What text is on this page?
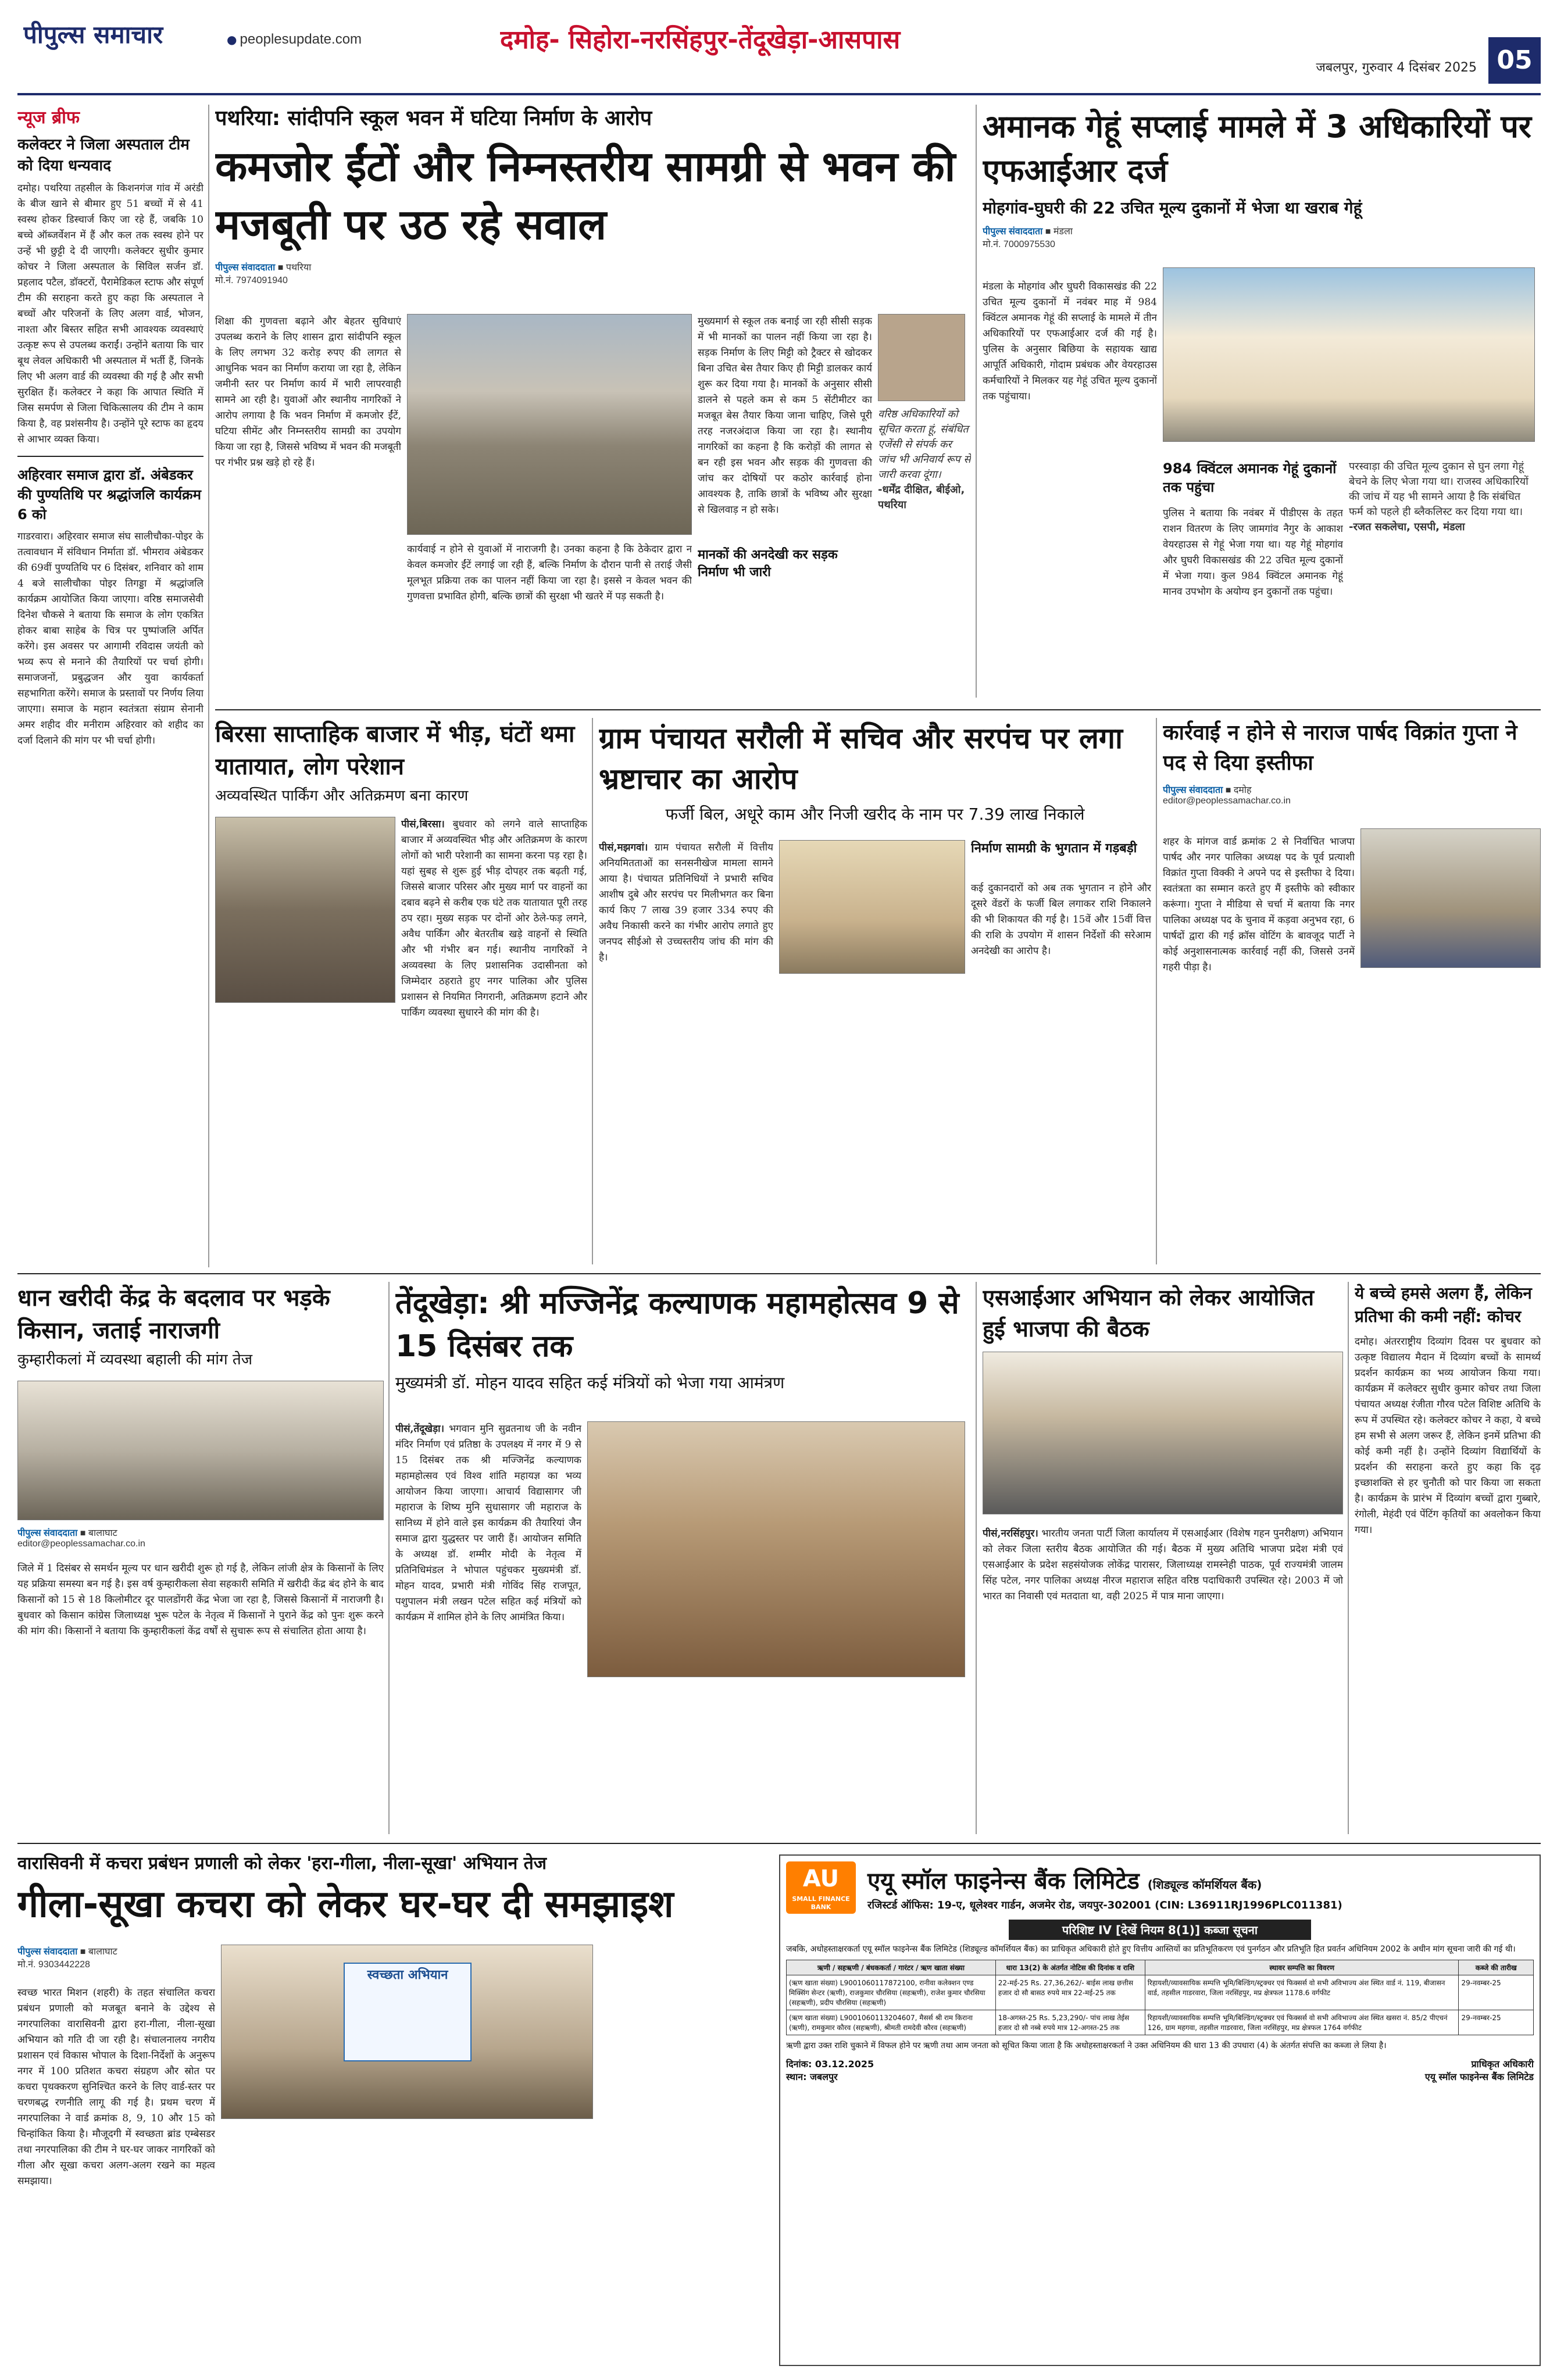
पीपुल्स समाचार	● peoplesupdate.com	दमोह- सिहोरा-नरसिंहपुर-तेंदूखेड़ा-आसपास
जबलपुर, गुरुवार 4 दिसंबर 2025 05
न्यूज ब्रीफ
कलेक्टर ने जिला अस्पताल टीम को दिया धन्यवाद
दमोह। पथरिया तहसील के किशनगंज गांव में अरंडी के बीज खाने से बीमार हुए 51 बच्चों में से 41 स्वस्थ होकर डिस्चार्ज किए जा रहे हैं, जबकि 10 बच्चे ऑब्जर्वेशन में हैं और कल तक स्वस्थ होने पर उन्हें भी छुट्टी दे दी जाएगी। कलेक्टर सुधीर कुमार कोचर ने जिला अस्पताल के सिविल सर्जन डॉ. प्रहलाद पटैल, डॉक्टरों, पैरामेडिकल स्टाफ और संपूर्ण टीम की सराहना करते हुए कहा कि अस्पताल ने बच्चों और परिजनों के लिए अलग वार्ड, भोजन, नाश्ता और बिस्तर सहित सभी आवश्यक व्यवस्थाएं उत्कृष्ट रूप से उपलब्ध कराईं। उन्होंने बताया कि चार बूथ लेवल अधिकारी भी अस्पताल में भर्ती हैं, जिनके लिए भी अलग वार्ड की व्यवस्था की गई है और सभी सुरक्षित हैं। कलेक्टर ने कहा कि आपात स्थिति में जिस समर्पण से जिला चिकित्सालय की टीम ने काम किया है, वह प्रशंसनीय है। उन्होंने पूरे स्टाफ का हृदय से आभार व्यक्त किया।
अहिरवार समाज द्वारा डॉ. अंबेडकर की पुण्यतिथि पर श्रद्धांजलि कार्यक्रम 6 को
गाडरवारा। अहिरवार समाज संघ सालीचौका-पोइर के तत्वावधान में संविधान निर्माता डॉ. भीमराव अंबेडकर की 69वीं पुण्यतिथि पर 6 दिसंबर, शनिवार को शाम 4 बजे सालीचौका पोइर तिगड्डा में श्रद्धांजलि कार्यक्रम आयोजित किया जाएगा। वरिष्ठ समाजसेवी दिनेश चौकसे ने बताया कि समाज के लोग एकत्रित होकर बाबा साहेब के चित्र पर पुष्पांजलि अर्पित करेंगे। इस अवसर पर आगामी रविदास जयंती को भव्य रूप से मनाने की तैयारियों पर चर्चा होगी। समाजजनों, प्रबुद्धजन और युवा कार्यकर्ता सहभागिता करेंगे। समाज के प्रस्तावों पर निर्णय लिया जाएगा। समाज के महान स्वतंत्रता संग्राम सेनानी अमर शहीद वीर मनीराम अहिरवार को शहीद का दर्जा दिलाने की मांग पर भी चर्चा होगी।
पथरिया: सांदीपनि स्कूल भवन में घटिया निर्माण के आरोप
कमजोर ईंटों और निम्नस्तरीय सामग्री से भवन की मजबूती पर उठ रहे सवाल
पीपुल्स संवाददाता ■ पथरिया
मो.नं. 7974091940
शिक्षा की गुणवत्ता बढ़ाने और बेहतर सुविधाएं उपलब्ध कराने के लिए शासन द्वारा सांदीपनि स्कूल के लिए लगभग 32 करोड़ रुपए की लागत से आधुनिक भवन का निर्माण कराया जा रहा है, लेकिन जमीनी स्तर पर निर्माण कार्य में भारी लापरवाही सामने आ रही है। युवाओं और स्थानीय नागरिकों ने आरोप लगाया है कि भवन निर्माण में कमजोर ईंटें, घटिया सीमेंट और निम्नस्तरीय सामग्री का उपयोग किया जा रहा है, जिससे भविष्य में भवन की मजबूती पर गंभीर प्रश्न खड़े हो रहे हैं।
कार्यवाई न होने से युवाओं में नाराजगी है। उनका कहना है कि ठेकेदार द्वारा न केवल कमजोर ईंटें लगाई जा रही हैं, बल्कि निर्माण के दौरान पानी से तराई जैसी मूलभूत प्रक्रिया तक का पालन नहीं किया जा रहा है। इससे न केवल भवन की गुणवत्ता प्रभावित होगी, बल्कि छात्रों की सुरक्षा भी खतरे में पड़ सकती है।
मानकों की अनदेखी कर सड़क निर्माण भी जारी
मुख्यमार्ग से स्कूल तक बनाई जा रही सीसी सड़क में भी मानकों का पालन नहीं किया जा रहा है। सड़क निर्माण के लिए मिट्टी को ट्रैक्टर से खोदकर बिना उचित बेस तैयार किए ही मिट्टी डालकर कार्य शुरू कर दिया गया है। मानकों के अनुसार सीसी डालने से पहले कम से कम 5 सेंटीमीटर का मजबूत बेस तैयार किया जाना चाहिए, जिसे पूरी तरह नजरअंदाज किया जा रहा है। स्थानीय नागरिकों का कहना है कि करोड़ों की लागत से बन रही इस भवन और सड़क की गुणवत्ता की जांच कर दोषियों पर कठोर कार्रवाई होना आवश्यक है, ताकि छात्रों के भविष्य और सुरक्षा से खिलवाड़ न हो सके।
वरिष्ठ अधिकारियों को सूचित करता हूं, संबंधित एजेंसी से संपर्क कर जांच भी अनिवार्य रूप से जारी करवा दूंगा।
-धर्मेंद्र दीक्षित, बीईओ, पथरिया
अमानक गेहूं सप्लाई मामले में 3 अधिकारियों पर एफआईआर दर्ज
मोहगांव-घुघरी की 22 उचित मूल्य दुकानों में भेजा था खराब गेहूं
पीपुल्स संवाददाता ■ मंडला
मो.नं. 7000975530
मंडला के मोहगांव और घुघरी विकासखंड की 22 उचित मूल्य दुकानों में नवंबर माह में 984 क्विंटल अमानक गेहूं की सप्लाई के मामले में तीन अधिकारियों पर एफआईआर दर्ज की गई है। पुलिस के अनुसार बिछिया के सहायक खाद्य आपूर्ति अधिकारी, गोदाम प्रबंधक और वेयरहाउस कर्मचारियों ने मिलकर यह गेहूं उचित मूल्य दुकानों तक पहुंचाया।
984 क्विंटल अमानक गेहूं दुकानों तक पहुंचा
पुलिस ने बताया कि नवंबर में पीडीएस के तहत राशन वितरण के लिए जामगांव नैगुर के आकाश वेयरहाउस से गेहूं भेजा गया था। यह गेहूं मोहगांव और घुघरी विकासखंड की 22 उचित मूल्य दुकानों में भेजा गया। कुल 984 क्विंटल अमानक गेहूं मानव उपभोग के अयोग्य इन दुकानों तक पहुंचा।
परस्वाड़ा की उचित मूल्य दुकान से घुन लगा गेहूं बेचने के लिए भेजा गया था। राजस्व अधिकारियों की जांच में यह भी सामने आया है कि संबंधित फर्म को पहले ही ब्लैकलिस्ट कर दिया गया था।
-रजत सकलेचा, एसपी, मंडला
बिरसा साप्ताहिक बाजार में भीड़, घंटों थमा यातायात, लोग परेशान
अव्यवस्थित पार्किंग और अतिक्रमण बना कारण
पीसं,बिरसा। बुधवार को लगने वाले साप्ताहिक बाजार में अव्यवस्थित भीड़ और अतिक्रमण के कारण लोगों को भारी परेशानी का सामना करना पड़ रहा है। यहां सुबह से शुरू हुई भीड़ दोपहर तक बढ़ती गई, जिससे बाजार परिसर और मुख्य मार्ग पर वाहनों का दबाव बढ़ने से करीब एक घंटे तक यातायात पूरी तरह ठप रहा। मुख्य सड़क पर दोनों ओर ठेले-फड़ लगने, अवैध पार्किंग और बेतरतीब खड़े वाहनों से स्थिति और भी गंभीर बन गई। स्थानीय नागरिकों ने अव्यवस्था के लिए प्रशासनिक उदासीनता को जिम्मेदार ठहराते हुए नगर पालिका और पुलिस प्रशासन से नियमित निगरानी, अतिक्रमण हटाने और पार्किंग व्यवस्था सुधारने की मांग की है।
ग्राम पंचायत सरौली में सचिव और सरपंच पर लगा भ्रष्टाचार का आरोप
फर्जी बिल, अधूरे काम और निजी खरीद के नाम पर 7.39 लाख निकाले
पीसं,मझगवां। ग्राम पंचायत सरौली में वित्तीय अनियमितताओं का सनसनीखेज मामला सामने आया है। पंचायत प्रतिनिधियों ने प्रभारी सचिव आशीष दुबे और सरपंच पर मिलीभगत कर बिना कार्य किए 7 लाख 39 हजार 334 रुपए की अवैध निकासी करने का गंभीर आरोप लगाते हुए जनपद सीईओ से उच्चस्तरीय जांच की मांग की है।
निर्माण सामग्री के भुगतान में गड़बड़ी
कई दुकानदारों को अब तक भुगतान न होने और दूसरे वेंडरों के फर्जी बिल लगाकर राशि निकालने की भी शिकायत की गई है। 15वें और 15वीं वित्त की राशि के उपयोग में शासन निर्देशों की सरेआम अनदेखी का आरोप है।
कार्रवाई न होने से नाराज पार्षद विक्रांत गुप्ता ने पद से दिया इस्तीफा
पीपुल्स संवाददाता ■ दमोह
editor@peoplessamachar.co.in
शहर के मांगज वार्ड क्रमांक 2 से निर्वाचित भाजपा पार्षद और नगर पालिका अध्यक्ष पद के पूर्व प्रत्याशी विक्रांत गुप्ता विक्की ने अपने पद से इस्तीफा दे दिया। स्वतंत्रता का सम्मान करते हुए मैं इस्तीफे को स्वीकार करूंगा। गुप्ता ने मीडिया से चर्चा में बताया कि नगर पालिका अध्यक्ष पद के चुनाव में कड़वा अनुभव रहा, 6 पार्षदों द्वारा की गई क्रॉस वोटिंग के बावजूद पार्टी ने कोई अनुशासनात्मक कार्रवाई नहीं की, जिससे उनमें गहरी पीड़ा है।
धान खरीदी केंद्र के बदलाव पर भड़के किसान, जताई नाराजगी
कुम्हारीकलां में व्यवस्था बहाली की मांग तेज
पीपुल्स संवाददाता ■ बालाघाट
editor@peoplessamachar.co.in
जिले में 1 दिसंबर से समर्थन मूल्य पर धान खरीदी शुरू हो गई है, लेकिन लांजी क्षेत्र के किसानों के लिए यह प्रक्रिया समस्या बन गई है। इस वर्ष कुम्हारीकला सेवा सहकारी समिति में खरीदी केंद्र बंद होने के बाद किसानों को 15 से 18 किलोमीटर दूर पालडोंगरी केंद्र भेजा जा रहा है, जिससे किसानों में नाराजगी है। बुधवार को किसान कांग्रेस जिलाध्यक्ष भुरू पटेल के नेतृत्व में किसानों ने पुराने केंद्र को पुनः शुरू करने की मांग की। किसानों ने बताया कि कुम्हारीकलां केंद्र वर्षों से सुचारू रूप से संचालित होता आया है।
तेंदूखेड़ा: श्री मज्जिनेंद्र कल्याणक महामहोत्सव 9 से 15 दिसंबर तक
मुख्यमंत्री डॉ. मोहन यादव सहित कई मंत्रियों को भेजा गया आमंत्रण
पीसं,तेंदूखेड़ा। भगवान मुनि सुव्रतनाथ जी के नवीन मंदिर निर्माण एवं प्रतिष्ठा के उपलक्ष्य में नगर में 9 से 15 दिसंबर तक श्री मज्जिनेंद्र कल्याणक महामहोत्सव एवं विश्व शांति महायज्ञ का भव्य आयोजन किया जाएगा। आचार्य विद्यासागर जी महाराज के शिष्य मुनि सुधासागर जी महाराज के सानिध्य में होने वाले इस कार्यक्रम की तैयारियां जैन समाज द्वारा युद्धस्तर पर जारी हैं। आयोजन समिति के अध्यक्ष डॉ. शम्मीर मोदी के नेतृत्व में प्रतिनिधिमंडल ने भोपाल पहुंचकर मुख्यमंत्री डॉ. मोहन यादव, प्रभारी मंत्री गोविंद सिंह राजपूत, पशुपालन मंत्री लखन पटेल सहित कई मंत्रियों को कार्यक्रम में शामिल होने के लिए आमंत्रित किया।
एसआईआर अभियान को लेकर आयोजित हुई भाजपा की बैठक
पीसं,नरसिंहपुर। भारतीय जनता पार्टी जिला कार्यालय में एसआईआर (विशेष गहन पुनरीक्षण) अभियान को लेकर जिला स्तरीय बैठक आयोजित की गई। बैठक में मुख्य अतिथि भाजपा प्रदेश मंत्री एवं एसआईआर के प्रदेश सहसंयोजक लोकेंद्र पारासर, जिलाध्यक्ष रामस्नेही पाठक, पूर्व राज्यमंत्री जालम सिंह पटेल, नगर पालिका अध्यक्ष नीरज महाराज सहित वरिष्ठ पदाधिकारी उपस्थित रहे। 2003 में जो भारत का निवासी एवं मतदाता था, वही 2025 में पात्र माना जाएगा।
ये बच्चे हमसे अलग हैं, लेकिन प्रतिभा की कमी नहीं: कोचर
दमोह। अंतरराष्ट्रीय दिव्यांग दिवस पर बुधवार को उत्कृष्ट विद्यालय मैदान में दिव्यांग बच्चों के सामर्थ्य प्रदर्शन कार्यक्रम का भव्य आयोजन किया गया। कार्यक्रम में कलेक्टर सुधीर कुमार कोचर तथा जिला पंचायत अध्यक्ष रंजीता गौरव पटेल विशिष्ट अतिथि के रूप में उपस्थित रहे। कलेक्टर कोचर ने कहा, ये बच्चे हम सभी से अलग जरूर हैं, लेकिन इनमें प्रतिभा की कोई कमी नहीं है। उन्होंने दिव्यांग विद्यार्थियों के प्रदर्शन की सराहना करते हुए कहा कि दृढ़ इच्छाशक्ति से हर चुनौती को पार किया जा सकता है। कार्यक्रम के प्रारंभ में दिव्यांग बच्चों द्वारा गुब्बारे, रंगोली, मेहंदी एवं पेंटिंग कृतियों का अवलोकन किया गया।
वारासिवनी में कचरा प्रबंधन प्रणाली को लेकर 'हरा-गीला, नीला-सूखा' अभियान तेज
गीला-सूखा कचरा को लेकर घर-घर दी समझाइश
पीपुल्स संवाददाता ■ बालाघाट
मो.नं. 9303442228
स्वच्छ भारत मिशन (शहरी) के तहत संचालित कचरा प्रबंधन प्रणाली को मजबूत बनाने के उद्देश्य से नगरपालिका वारासिवनी द्वारा हरा-गीला, नीला-सूखा अभियान को गति दी जा रही है। संचालनालय नगरीय प्रशासन एवं विकास भोपाल के दिशा-निर्देशों के अनुरूप नगर में 100 प्रतिशत कचरा संग्रहण और स्रोत पर कचरा पृथक्करण सुनिश्चित करने के लिए वार्ड-स्तर पर चरणबद्ध रणनीति लागू की गई है। प्रथम चरण में नगरपालिका ने वार्ड क्रमांक 8, 9, 10 और 15 को चिन्हांकित किया है। मौजूदगी में स्वच्छता ब्रांड एम्बेसडर तथा नगरपालिका की टीम ने घर-घर जाकर नागरिकों को गीला और सूखा कचरा अलग-अलग रखने का महत्व समझाया।
स्वच्छता अभियान
AU
SMALL FINANCE BANK
एयू स्मॉल फाइनेन्स बैंक लिमिटेड (शिड्यूल्ड कॉमर्शियल बैंक)
रजिस्टर्ड ऑफिस: 19-ए, धूलेश्वर गार्डन, अजमेर रोड, जयपुर-302001 (CIN: L36911RJ1996PLC011381)
परिशिष्ट IV [देखें नियम 8(1)] कब्जा सूचना
जबकि, अधोहस्ताक्षरकर्ता एयू स्मॉल फाइनेन्स बैंक लिमिटेड (शिड्यूल्ड कॉमर्शियल बैंक) का प्राधिकृत अधिकारी होते हुए वित्तीय आस्तियों का प्रतिभूतिकरण एवं पुनर्गठन और प्रतिभूति हित प्रवर्तन अधिनियम 2002 के अधीन मांग सूचना जारी की गई थी।
ऋणी / सहऋणी / बंधककर्ता / गारंटर / ऋण खाता संख्या	धारा 13(2) के अंतर्गत नोटिस की दिनांक व राशि	स्थावर सम्पत्ति का विवरण	कब्जे की तारीख
(ऋण खाता संख्या) L9001060117872100, रानीवा कलेक्शन एण्ड मिक्सिंग सेन्टर (ऋणी), राजकुमार चौरसिया (सहऋणी), राजेश कुमार चौरसिया (सहऋणी), प्रदीप चौरसिया (सहऋणी)	22-मई-25 Rs. 27,36,262/- बाईस लाख छत्तीस हजार दो सौ बासठ रुपये मात्र 22-मई-25 तक	रिहायशी/व्यावसायिक सम्पत्ति भूमि/बिल्डिंग/स्ट्रक्चर एवं फिक्सर्स वो सभी अविभाज्य अंश स्थित वार्ड नं. 119, बीजासन वार्ड, तहसील गाडरवारा, जिला नरसिंहपुर, मप्र क्षेत्रफल 1178.6 वर्गफीट	29-नवम्बर-25
(ऋण खाता संख्या) L9001060113204607, मैसर्स श्री राम किराना (ऋणी), रामकुमार कौरव (सहऋणी), श्रीमती रामदेवी कौरव (सहऋणी)	18-अगस्त-25 Rs. 5,23,290/- पांच लाख तेईस हजार दो सौ नब्बे रुपये मात्र 12-अगस्त-25 तक	रिहायशी/व्यावसायिक सम्पत्ति भूमि/बिल्डिंग/स्ट्रक्चर एवं फिक्सर्स वो सभी अविभाज्य अंश स्थित खसरा नं. 85/2 पीएचनं 126, ग्राम महगवा, तहसील गाडरवारा, जिला नरसिंहपुर, मप्र क्षेत्रफल 1764 वर्गफीट	29-नवम्बर-25
ऋणी द्वारा उक्त राशि चुकाने में विफल होने पर ऋणी तथा आम जनता को सूचित किया जाता है कि अधोहस्ताक्षरकर्ता ने उक्त अधिनियम की धारा 13 की उपधारा (4) के अंतर्गत संपत्ति का कब्जा ले लिया है।
दिनांक: 03.12.2025
स्थान: जबलपुर
प्राधिकृत अधिकारी
एयू स्मॉल फाइनेन्स बैंक लिमिटेड
